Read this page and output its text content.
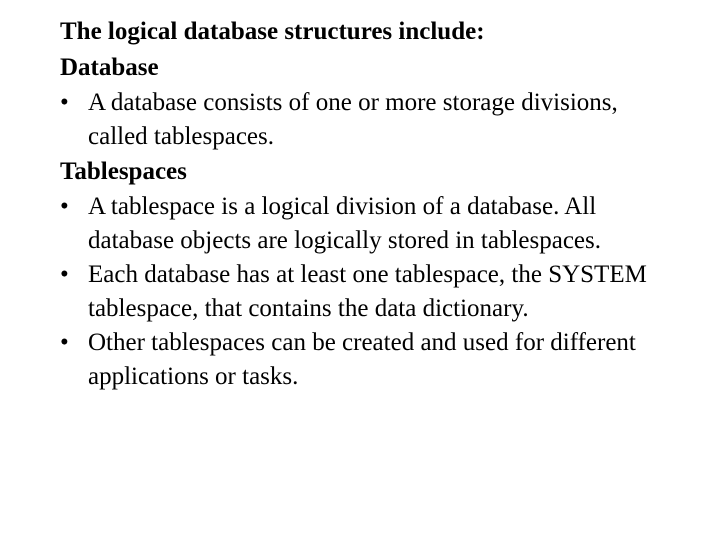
The logical database structures include:
Database
• A database consists of one or more storage divisions, called tablespaces.
Tablespaces
• A tablespace is a logical division of a database. All database objects are logically stored in tablespaces.
• Each database has at least one tablespace, the SYSTEM tablespace, that contains the data dictionary.
• Other tablespaces can be created and used for different applications or tasks.
